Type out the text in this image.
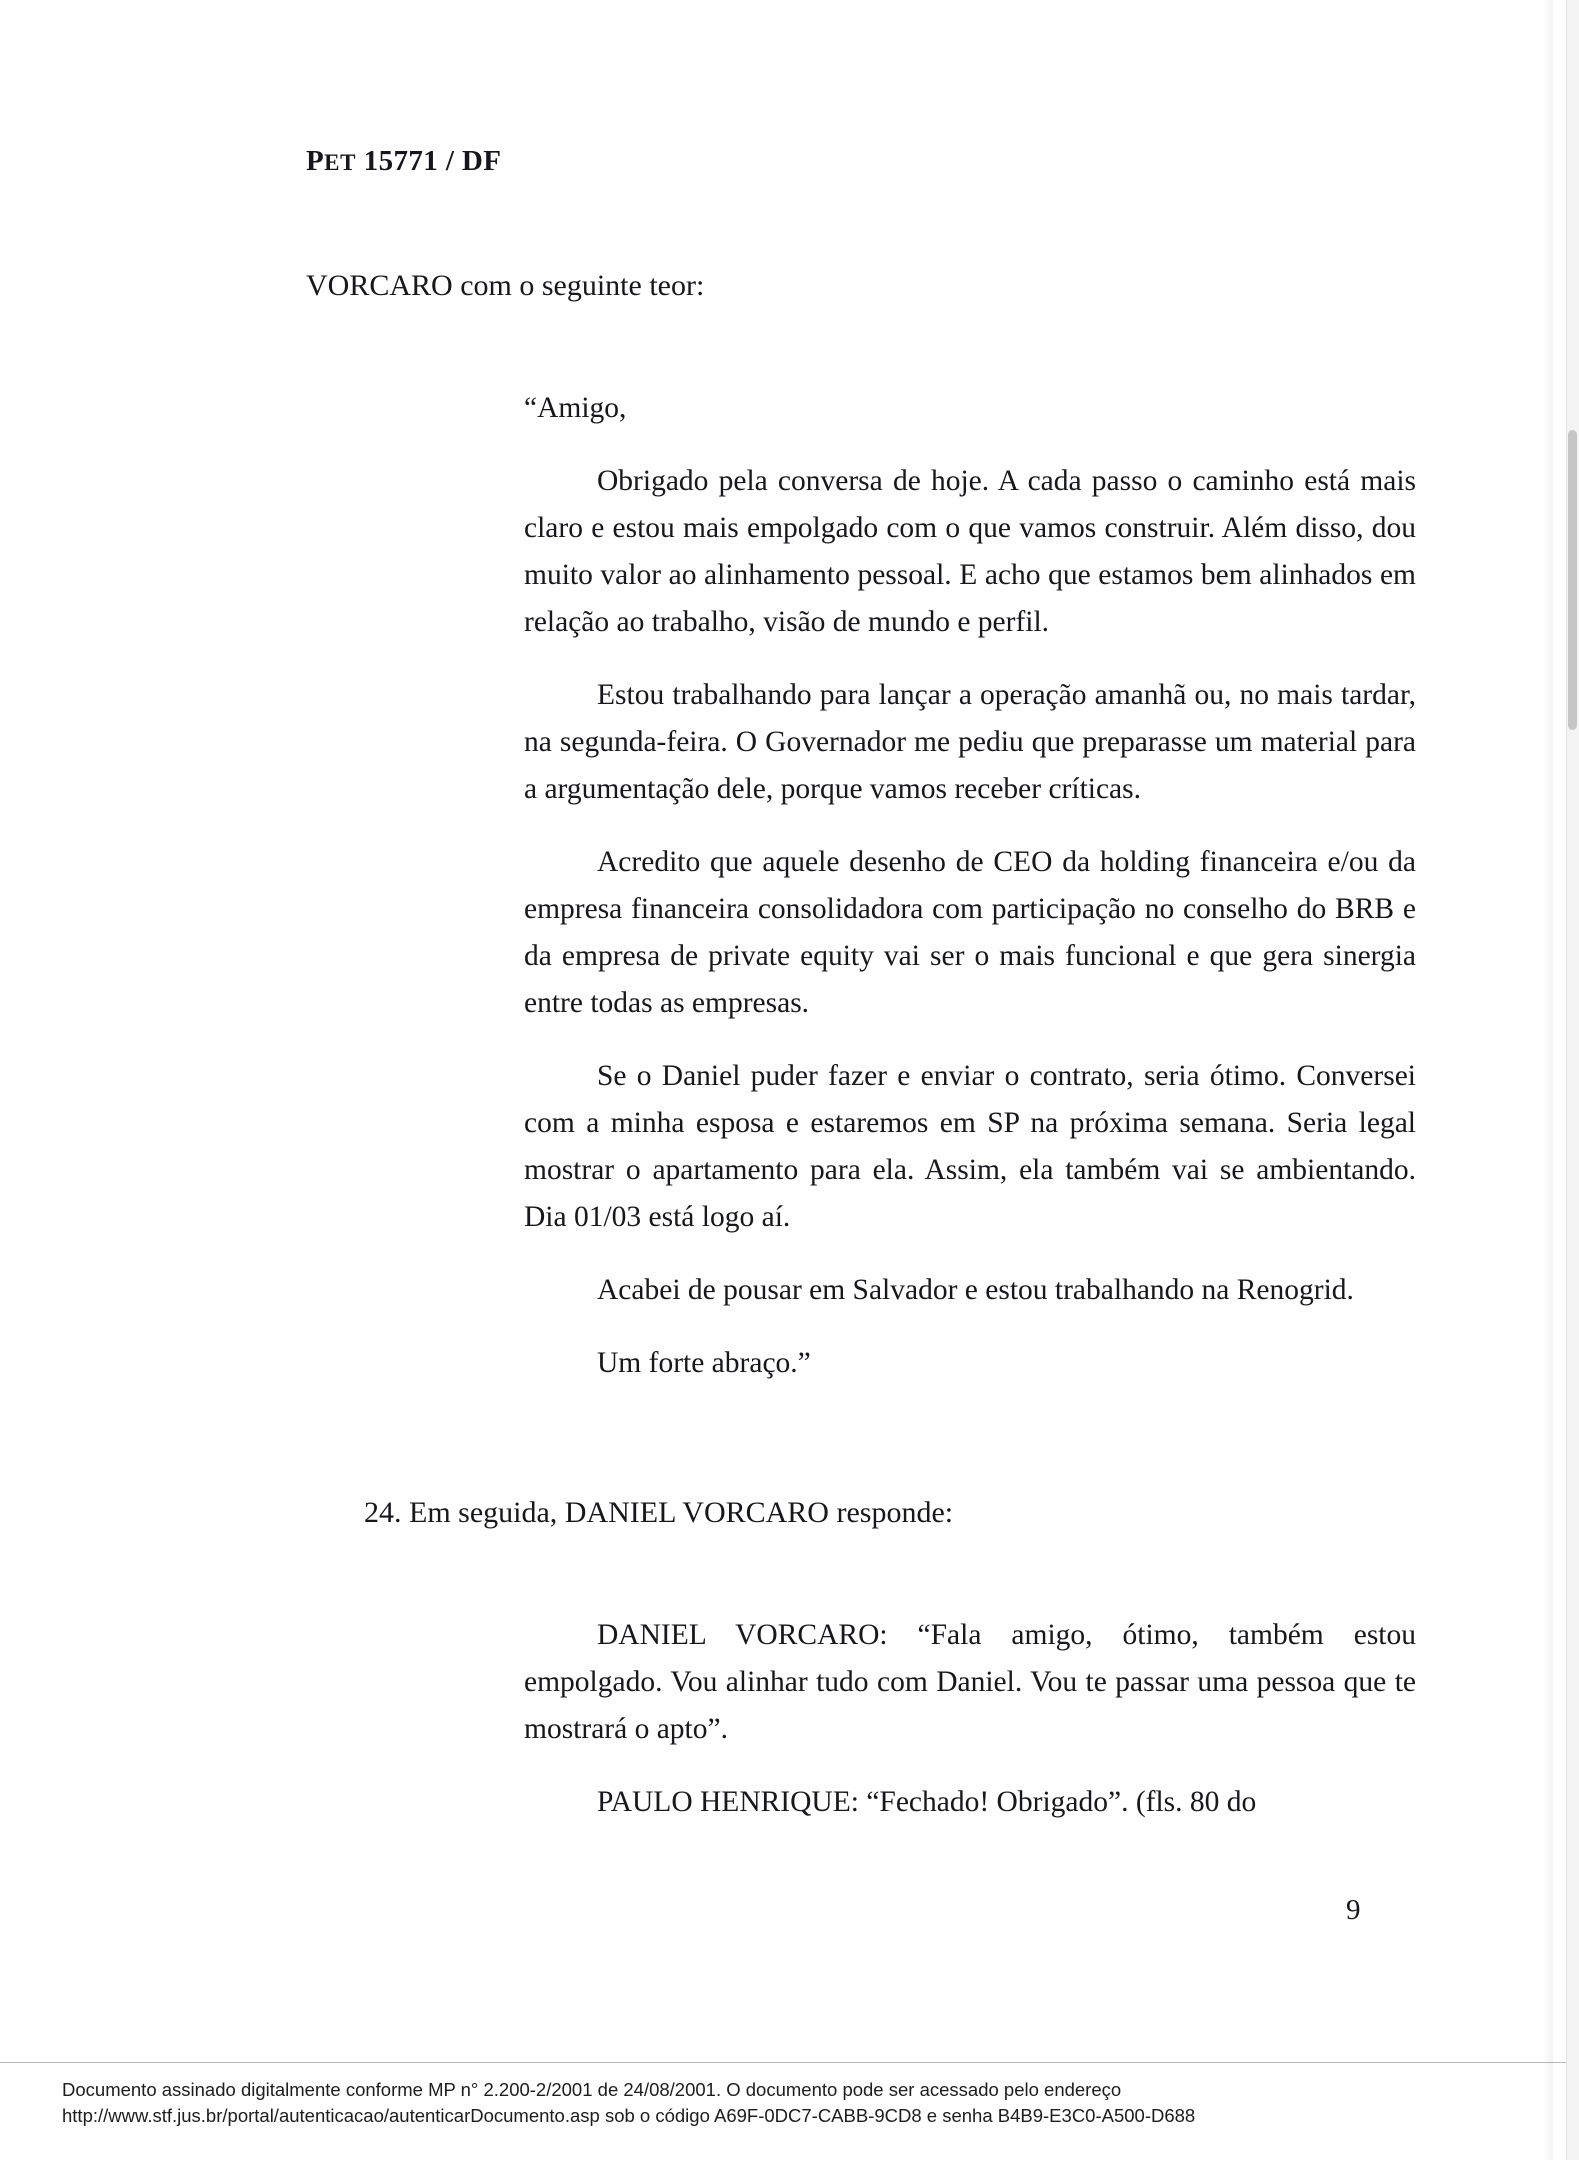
PET 15771 / DF

VORCARO com o seguinte teor:

“Amigo,

Obrigado pela conversa de hoje. A cada passo o caminho está mais claro e estou mais empolgado com o que vamos construir. Além disso, dou muito valor ao alinhamento pessoal. E acho que estamos bem alinhados em relação ao trabalho, visão de mundo e perfil.

Estou trabalhando para lançar a operação amanhã ou, no mais tardar, na segunda-feira. O Governador me pediu que preparasse um material para a argumentação dele, porque vamos receber críticas.

Acredito que aquele desenho de CEO da holding financeira e/ou da empresa financeira consolidadora com participação no conselho do BRB e da empresa de private equity vai ser o mais funcional e que gera sinergia entre todas as empresas.

Se o Daniel puder fazer e enviar o contrato, seria ótimo. Conversei com a minha esposa e estaremos em SP na próxima semana. Seria legal mostrar o apartamento para ela. Assim, ela também vai se ambientando. Dia 01/03 está logo aí.

Acabei de pousar em Salvador e estou trabalhando na Renogrid.

Um forte abraço.”

24. Em seguida, DANIEL VORCARO responde:

DANIEL VORCARO: “Fala amigo, ótimo, também estou empolgado. Vou alinhar tudo com Daniel. Vou te passar uma pessoa que te mostrará o apto”.

PAULO HENRIQUE: “Fechado! Obrigado”. (fls. 80 do

9
Documento assinado digitalmente conforme MP n° 2.200-2/2001 de 24/08/2001. O documento pode ser acessado pelo endereço
http://www.stf.jus.br/portal/autenticacao/autenticarDocumento.asp sob o código A69F-0DC7-CABB-9CD8 e senha B4B9-E3C0-A500-D688
